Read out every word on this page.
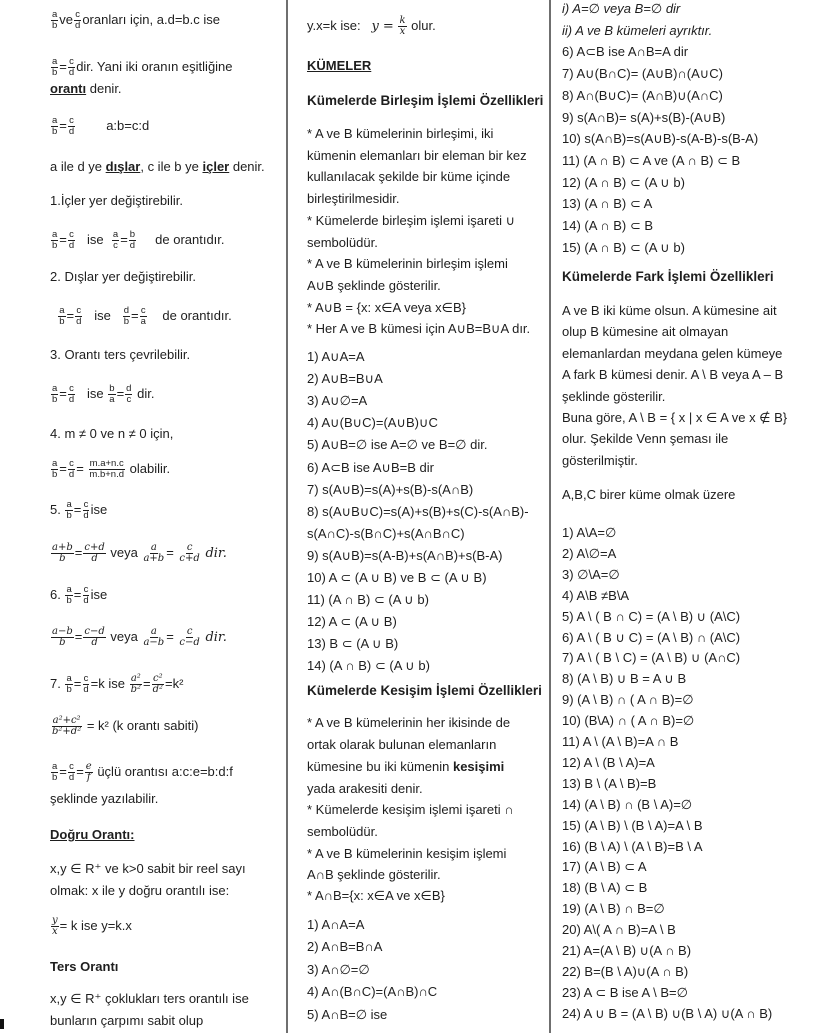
$\frac{a}{b}$ ve $\frac{c}{d}$ oranları için, a.d=b.c ise
$\frac{a}{b} = \frac{c}{d}$ dir. Yani iki oranın eşitliğine
orantı denir.
$\frac{a}{b} = \frac{c}{d}$ a:b=c:d
a ile d ye dışlar, c ile b ye içler denir.
1.İçler yer değiştirebilir.
$\frac{a}{b} = \frac{c}{d}$ ise $\frac{a}{c} = \frac{b}{d}$ de orantıdır.
2. Dışlar yer değiştirebilir.

$\frac{a}{b} = \frac{c}{d}$ ise $\frac{d}{b} = \frac{c}{a}$ de orantıdır.
3. Orantı ters çevrilebilir.
$\frac{a}{b} = \frac{c}{d}$ ise $\frac{b}{a} = \frac{d}{c}$ dir.
4. m ≠ 0 ve n ≠ 0 için,
$\frac{a}{b} = \frac{c}{d} = \frac{m.a+n.c}{m.b+n.d}$ olabilir.
5. $\frac{a}{b} = \frac{c}{d}$ ise
$\frac{a+b}{b} = \frac{c+d}{d}$ veya $\frac{a}{a+b} = \frac{c}{c+d}$ dir.
6. $\frac{a}{b} = \frac{c}{d}$ ise
$\frac{a-b}{b} = \frac{c-d}{d}$ veya $\frac{a}{a-b} = \frac{c}{c-d}$ dir.
7. $\frac{a}{b} = \frac{c}{d} =k$ ise $\frac{\text{a²}}{\text{b²}} = \frac{\text{c²}}{\text{d²}} =k^2$
$\frac{\text{a²+c²}}{\text{b²+d²}} = k^2$ (k orantı sabiti)
$\frac{a}{b} = \frac{c}{d} = \frac{e}{f}$ üçlü orantısı a:c:e=b:d:f
şeklinde yazılabilir.
Doğru Orantı:
x,y ∈ R⁺ ve k>0 sabit bir reel sayı
olmak: x ile y doğru orantılı ise:
$\frac{y}{x} = k$ ise y=k.x
Ters Orantı
x,y ∈ R⁺ çoklukları ters orantılı ise
bunların çarpımı sabit olup
y.x=k ise: $y = \frac{k}{x}$ olur.
KÜMELER
Kümelerde Birleşim İşlemi Özellikleri
* A ve B kümelerinin birleşimi, iki
kümenin elemanları bir eleman bir kez
kullanılacak şekilde bir küme içinde
birleştirilmesidir.
* Kümelerde birleşim işlemi işareti ∪
sembolüdür.
* A ve B kümelerinin birleşim işlemi
A∪B şeklinde gösterilir.
* A∪B = {x: x∈A veya x∈B}
* Her A ve B kümesi için A∪B=B∪A dır.
1) A∪A=A
2) A∪B=B∪A
3) A∪∅=A
4) A∪(B∪C)=(A∪B)∪C
5) A∪B=∅ ise A=∅ ve B=∅ dir.
6) A⊂B ise A∪B=B dir
7) s(A∪B)=s(A)+s(B)-s(A∩B)
8) s(A∪B∪C)=s(A)+s(B)+s(C)-s(A∩B)-
s(A∩C)-s(B∩C)+s(A∩B∩C)
9) s(A∪B)=s(A-B)+s(A∩B)+s(B-A)
10) A ⊂ (A ∪ B) ve B ⊂ (A ∪ B)
11) (A ∩ B) ⊂ (A ∪ b)
12) A ⊂ (A ∪ B)
13) B ⊂ (A ∪ B)
14) (A ∩ B) ⊂ (A ∪ b)
Kümelerde Kesişim İşlemi Özellikleri
* A ve B kümelerinin her ikisinde de
ortak olarak bulunan elemanların
kümesine bu iki kümenin kesişimi
yada arakesiti denir.
* Kümelerde kesişim işlemi işareti ∩
sembolüdür.
* A ve B kümelerinin kesişim işlemi
A∩B şeklinde gösterilir.
* A∩B={x: x∈A ve x∈B}
1) A∩A=A
2) A∩B=B∩A
3) A∩∅=∅
4) A∩(B∩C)=(A∩B)∩C
5) A∩B=∅ ise
i) A=∅ veya B=∅ dir
ii) A ve B kümeleri ayrıktır.
6) A⊂B ise A∩B=A dir
7) A∪(B∩C)= (A∪B)∩(A∪C)
8) A∩(B∪C)= (A∩B)∪(A∩C)
9) s(A∩B)= s(A)+s(B)-(A∪B)
10) s(A∩B)=s(A∪B)-s(A-B)-s(B-A)
11) (A ∩ B) ⊂ A ve (A ∩ B) ⊂ B
12) (A ∩ B) ⊂ (A ∪ b)
13) (A ∩ B) ⊂ A
14) (A ∩ B) ⊂ B
15) (A ∩ B) ⊂ (A ∪ b)
Kümelerde Fark İşlemi Özellikleri
A ve B iki küme olsun. A kümesine ait
olup B kümesine ait olmayan
elemanlardan meydana gelen kümeye
A fark B kümesi denir. A \ B veya A – B
şeklinde gösterilir.
Buna göre, A \ B = { x | x ∈ A ve x ∉ B}
olur. Şekilde Venn şeması ile
gösterilmiştir.
A,B,C birer küme olmak üzere
1) A\A=∅
2) A\∅=A
3) ∅\A=∅
4) A\B ≠B\A
5) A \ ( B ∩ C) = (A \ B) ∪ (A\C)
6) A \ ( B ∪ C) = (A \ B) ∩ (A\C)
7) A \ ( B \ C) = (A \ B) ∪ (A∩C)
8) (A \ B) ∪ B = A ∪ B
9) (A \ B) ∩ ( A ∩ B)=∅
10) (B\A) ∩ ( A ∩ B)=∅
11) A \ (A \ B)=A ∩ B
12) A \ (B \ A)=A
13) B \ (A \ B)=B
14) (A \ B) ∩ (B \ A)=∅
15) (A \ B) \ (B \ A)=A \ B
16) (B \ A) \ (A \ B)=B \ A
17) (A \ B) ⊂ A
18) (B \ A) ⊂ B
19) (A \ B) ∩ B=∅
20) A\( A ∩ B)=A \ B
21) A=(A \ B) ∪(A ∩ B)
22) B=(B \ A)∪(A ∩ B)
23) A ⊂ B ise A \ B=∅
24) A ∪ B = (A \ B) ∪(B \ A) ∪(A ∩ B)
